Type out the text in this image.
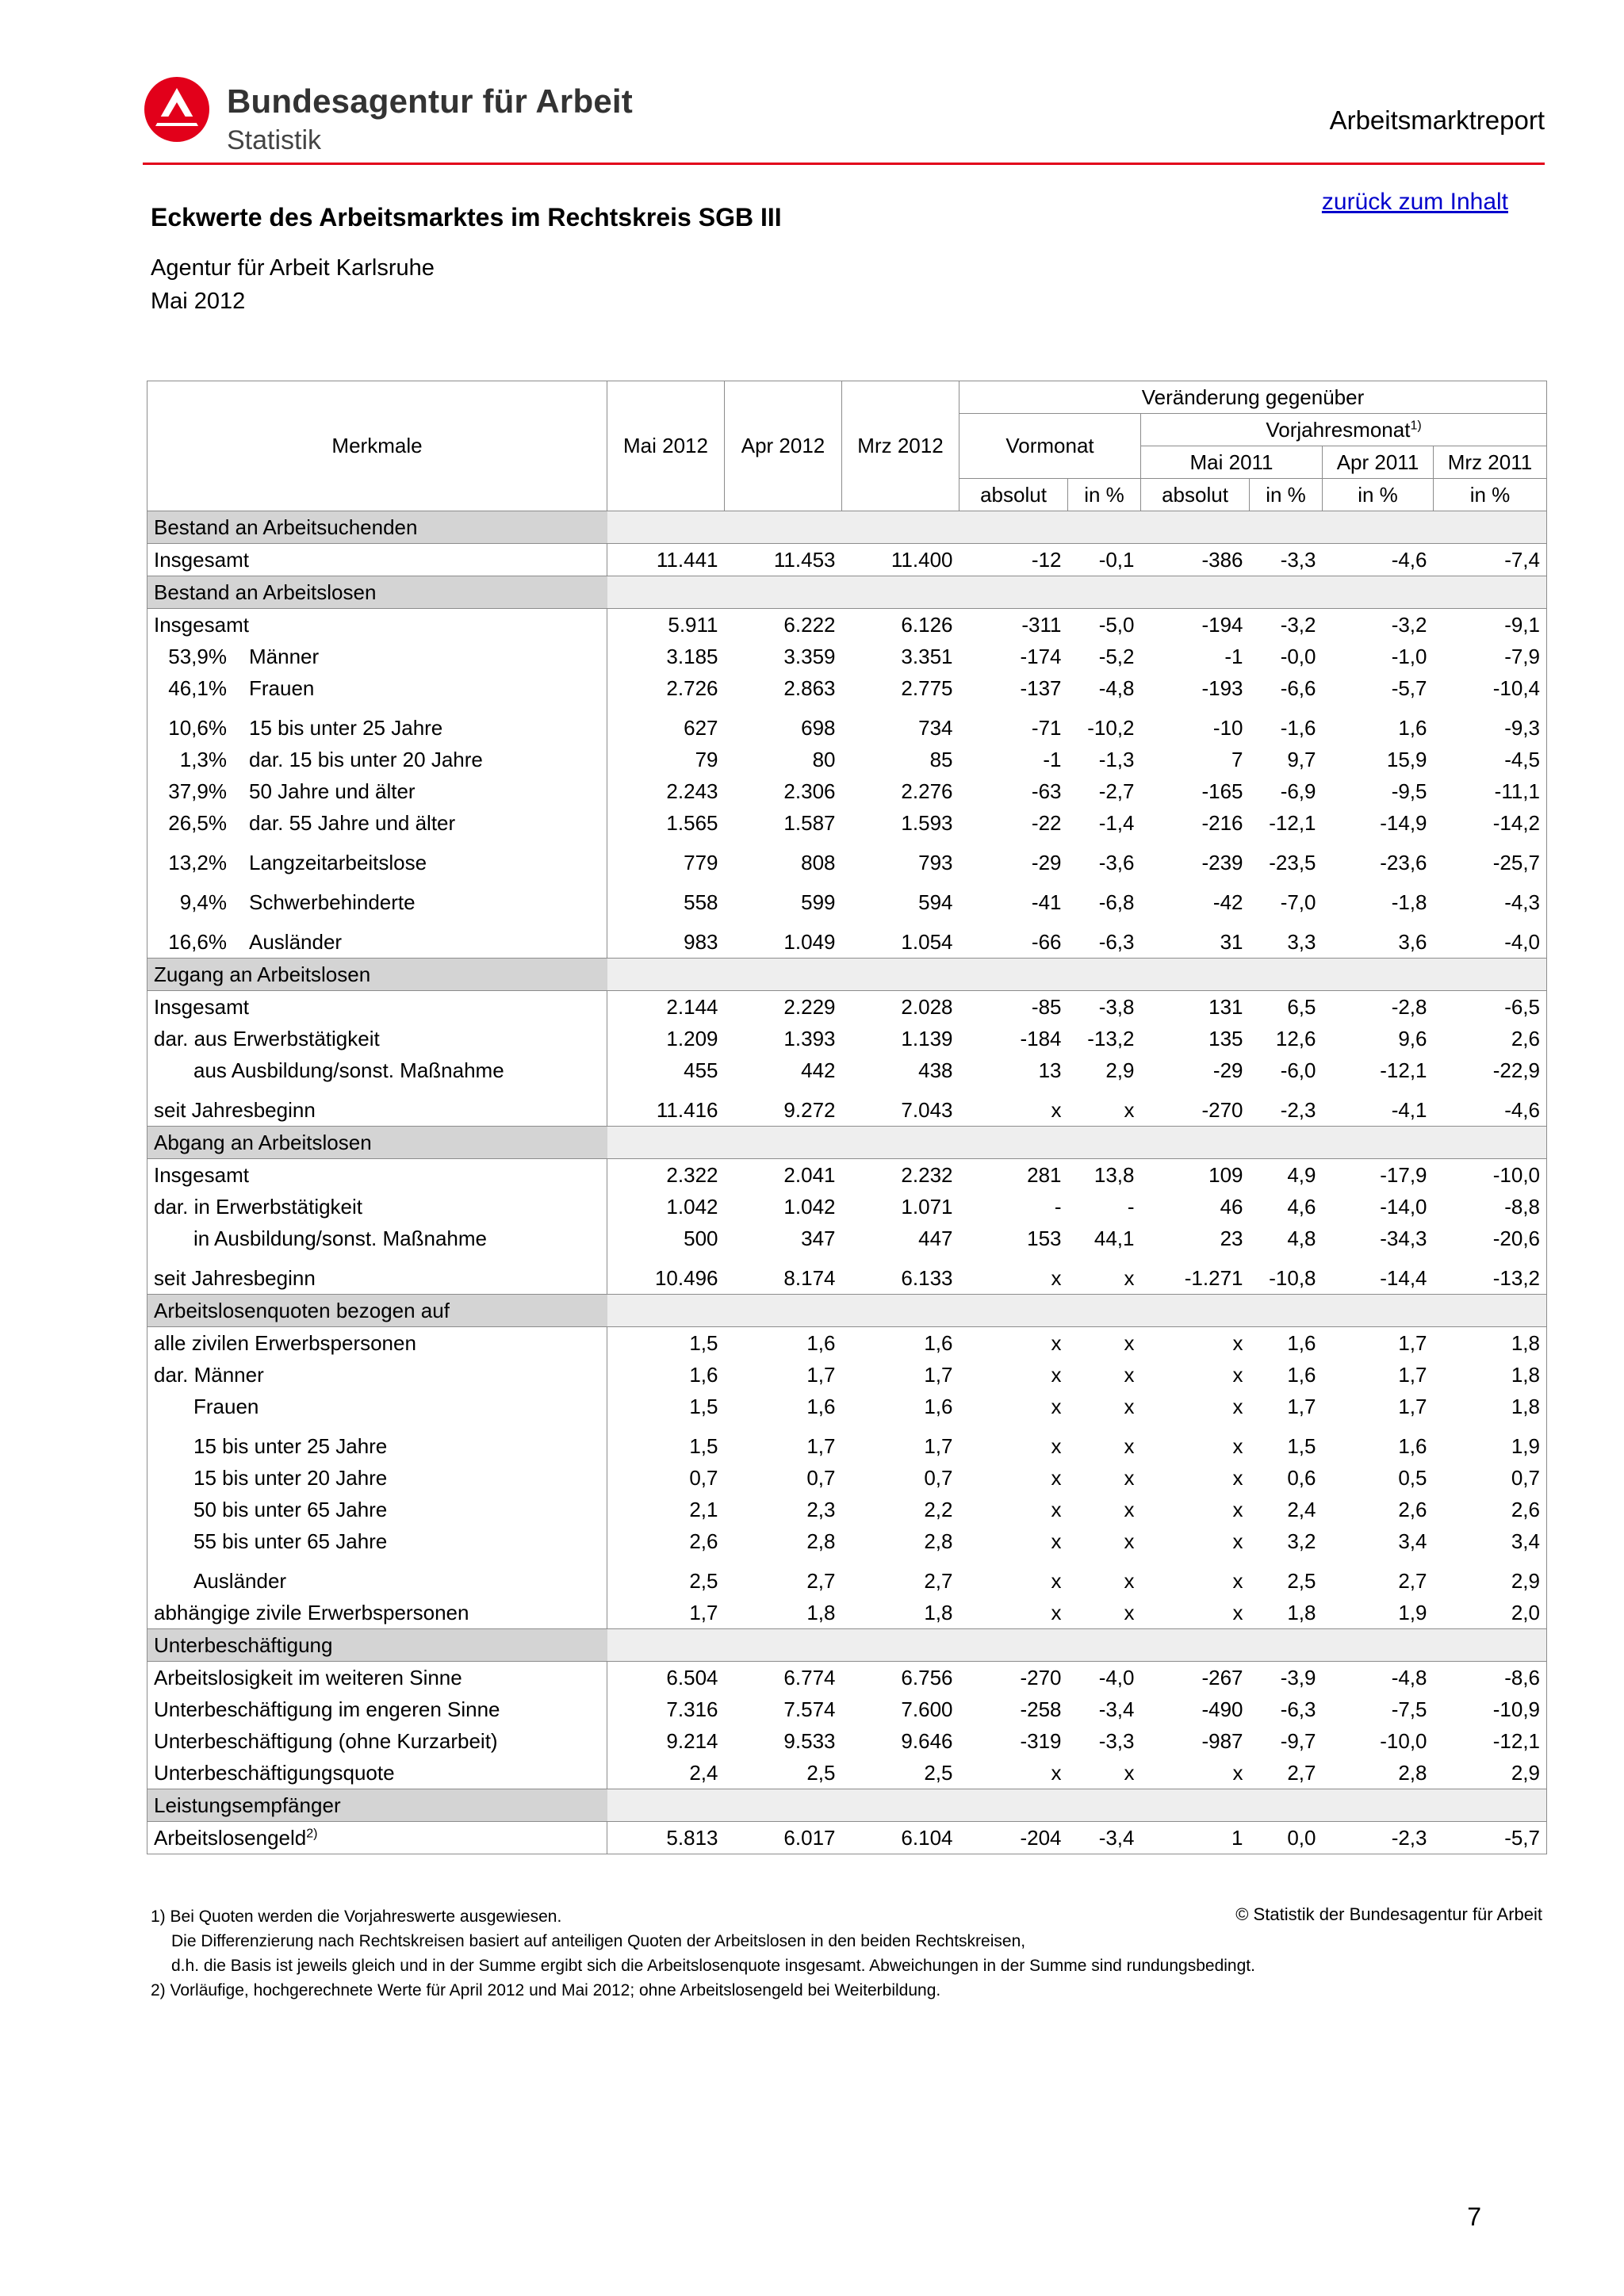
Bundesagentur für Arbeit
Statistik
Arbeitsmarktreport
zurück zum Inhalt
Eckwerte des Arbeitsmarktes im Rechtskreis SGB III
Agentur für Arbeit Karlsruhe
Mai 2012
Merkmale	Mai 2012	Apr 2012	Mrz 2012	Veränderung gegenüber					
				Vormonat		Vorjahresmonat$^{1)}$
						Mai 2011		Apr 2011	Mrz 2011
				absolut	in %	absolut	in %	in %	in %
Bestand an Arbeitsuchenden									
Insgesamt	11.441	11.453	11.400	-12	-0,1	-386	-3,3	-4,6	-7,4
Bestand an Arbeitslosen									
Insgesamt	5.911	6.222	6.126	-311	-5,0	-194	-3,2	-3,2	-9,1
53,9% Männer	3.185	3.359	3.351	-174	-5,2	-1	-0,0	-1,0	-7,9
46,1% Frauen	2.726	2.863	2.775	-137	-4,8	-193	-6,6	-5,7	-10,4
10,6% 15 bis unter 25 Jahre	627	698	734	-71	-10,2	-10	-1,6	1,6	-9,3
1,3% dar. 15 bis unter 20 Jahre	79	80	85	-1	-1,3	7	9,7	15,9	-4,5
37,9% 50 Jahre und älter	2.243	2.306	2.276	-63	-2,7	-165	-6,9	-9,5	-11,1
26,5% dar. 55 Jahre und älter	1.565	1.587	1.593	-22	-1,4	-216	-12,1	-14,9	-14,2
13,2% Langzeitarbeitslose	779	808	793	-29	-3,6	-239	-23,5	-23,6	-25,7
9,4% Schwerbehinderte	558	599	594	-41	-6,8	-42	-7,0	-1,8	-4,3
16,6% Ausländer	983	1.049	1.054	-66	-6,3	31	3,3	3,6	-4,0
Zugang an Arbeitslosen									
Insgesamt	2.144	2.229	2.028	-85	-3,8	131	6,5	-2,8	-6,5
dar. aus Erwerbstätigkeit	1.209	1.393	1.139	-184	-13,2	135	12,6	9,6	2,6
aus Ausbildung/sonst. Maßnahme	455	442	438	13	2,9	-29	-6,0	-12,1	-22,9
seit Jahresbeginn	11.416	9.272	7.043	x	x	-270	-2,3	-4,1	-4,6
Abgang an Arbeitslosen									
Insgesamt	2.322	2.041	2.232	281	13,8	109	4,9	-17,9	-10,0
dar. in Erwerbstätigkeit	1.042	1.042	1.071	-	-	46	4,6	-14,0	-8,8
in Ausbildung/sonst. Maßnahme	500	347	447	153	44,1	23	4,8	-34,3	-20,6
seit Jahresbeginn	10.496	8.174	6.133	x	x	-1.271	-10,8	-14,4	-13,2
Arbeitslosenquoten bezogen auf									
alle zivilen Erwerbspersonen	1,5	1,6	1,6	x	x	x	1,6	1,7	1,8
dar. Männer	1,6	1,7	1,7	x	x	x	1,6	1,7	1,8
Frauen	1,5	1,6	1,6	x	x	x	1,7	1,7	1,8
15 bis unter 25 Jahre	1,5	1,7	1,7	x	x	x	1,5	1,6	1,9
15 bis unter 20 Jahre	0,7	0,7	0,7	x	x	x	0,6	0,5	0,7
50 bis unter 65 Jahre	2,1	2,3	2,2	x	x	x	2,4	2,6	2,6
55 bis unter 65 Jahre	2,6	2,8	2,8	x	x	x	3,2	3,4	3,4
Ausländer	2,5	2,7	2,7	x	x	x	2,5	2,7	2,9
abhängige zivile Erwerbspersonen	1,7	1,8	1,8	x	x	x	1,8	1,9	2,0
Unterbeschäftigung									
Arbeitslosigkeit im weiteren Sinne	6.504	6.774	6.756	-270	-4,0	-267	-3,9	-4,8	-8,6
Unterbeschäftigung im engeren Sinne	7.316	7.574	7.600	-258	-3,4	-490	-6,3	-7,5	-10,9
Unterbeschäftigung (ohne Kurzarbeit)	9.214	9.533	9.646	-319	-3,3	-987	-9,7	-10,0	-12,1
Unterbeschäftigungsquote	2,4	2,5	2,5	x	x	x	2,7	2,8	2,9
Leistungsempfänger									
Arbeitslosengeld$^{2)}$	5.813	6.017	6.104	-204	-3,4	1	0,0	-2,3	-5,7
1) Bei Quoten werden die Vorjahreswerte ausgewiesen.
Die Differenzierung nach Rechtskreisen basiert auf anteiligen Quoten der Arbeitslosen in den beiden Rechtskreisen,
d.h. die Basis ist jeweils gleich und in der Summe ergibt sich die Arbeitslosenquote insgesamt. Abweichungen in der Summe sind rundungsbedingt.
2) Vorläufige, hochgerechnete Werte für April 2012 und Mai 2012; ohne Arbeitslosengeld bei Weiterbildung.
© Statistik der Bundesagentur für Arbeit
7
